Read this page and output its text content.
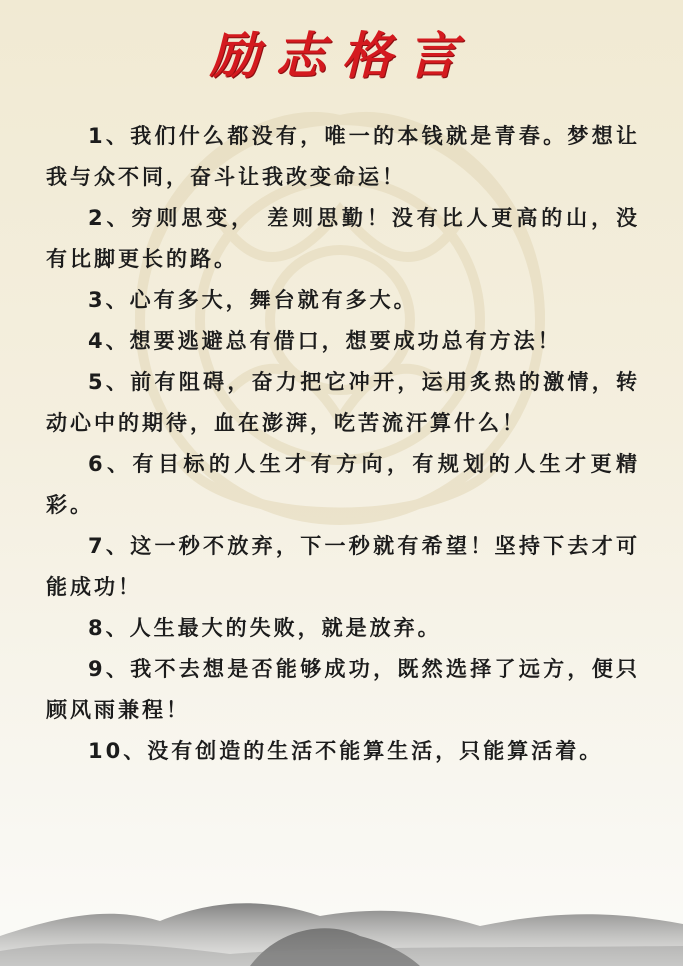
励志格言

1、我们什么都没有，唯一的本钱就是青春。梦想让我与众不同，奋斗让我改变命运！

2、穷则思变， 差则思勤！没有比人更高的山，没有比脚更长的路。

3、心有多大，舞台就有多大。

4、想要逃避总有借口，想要成功总有方法！

5、前有阻碍，奋力把它冲开，运用炙热的激情，转动心中的期待，血在澎湃，吃苦流汗算什么！

6、有目标的人生才有方向，有规划的人生才更精彩。

7、这一秒不放弃，下一秒就有希望！坚持下去才可能成功！

8、人生最大的失败，就是放弃。

9、我不去想是否能够成功，既然选择了远方，便只顾风雨兼程！

10、没有创造的生活不能算生活，只能算活着。
